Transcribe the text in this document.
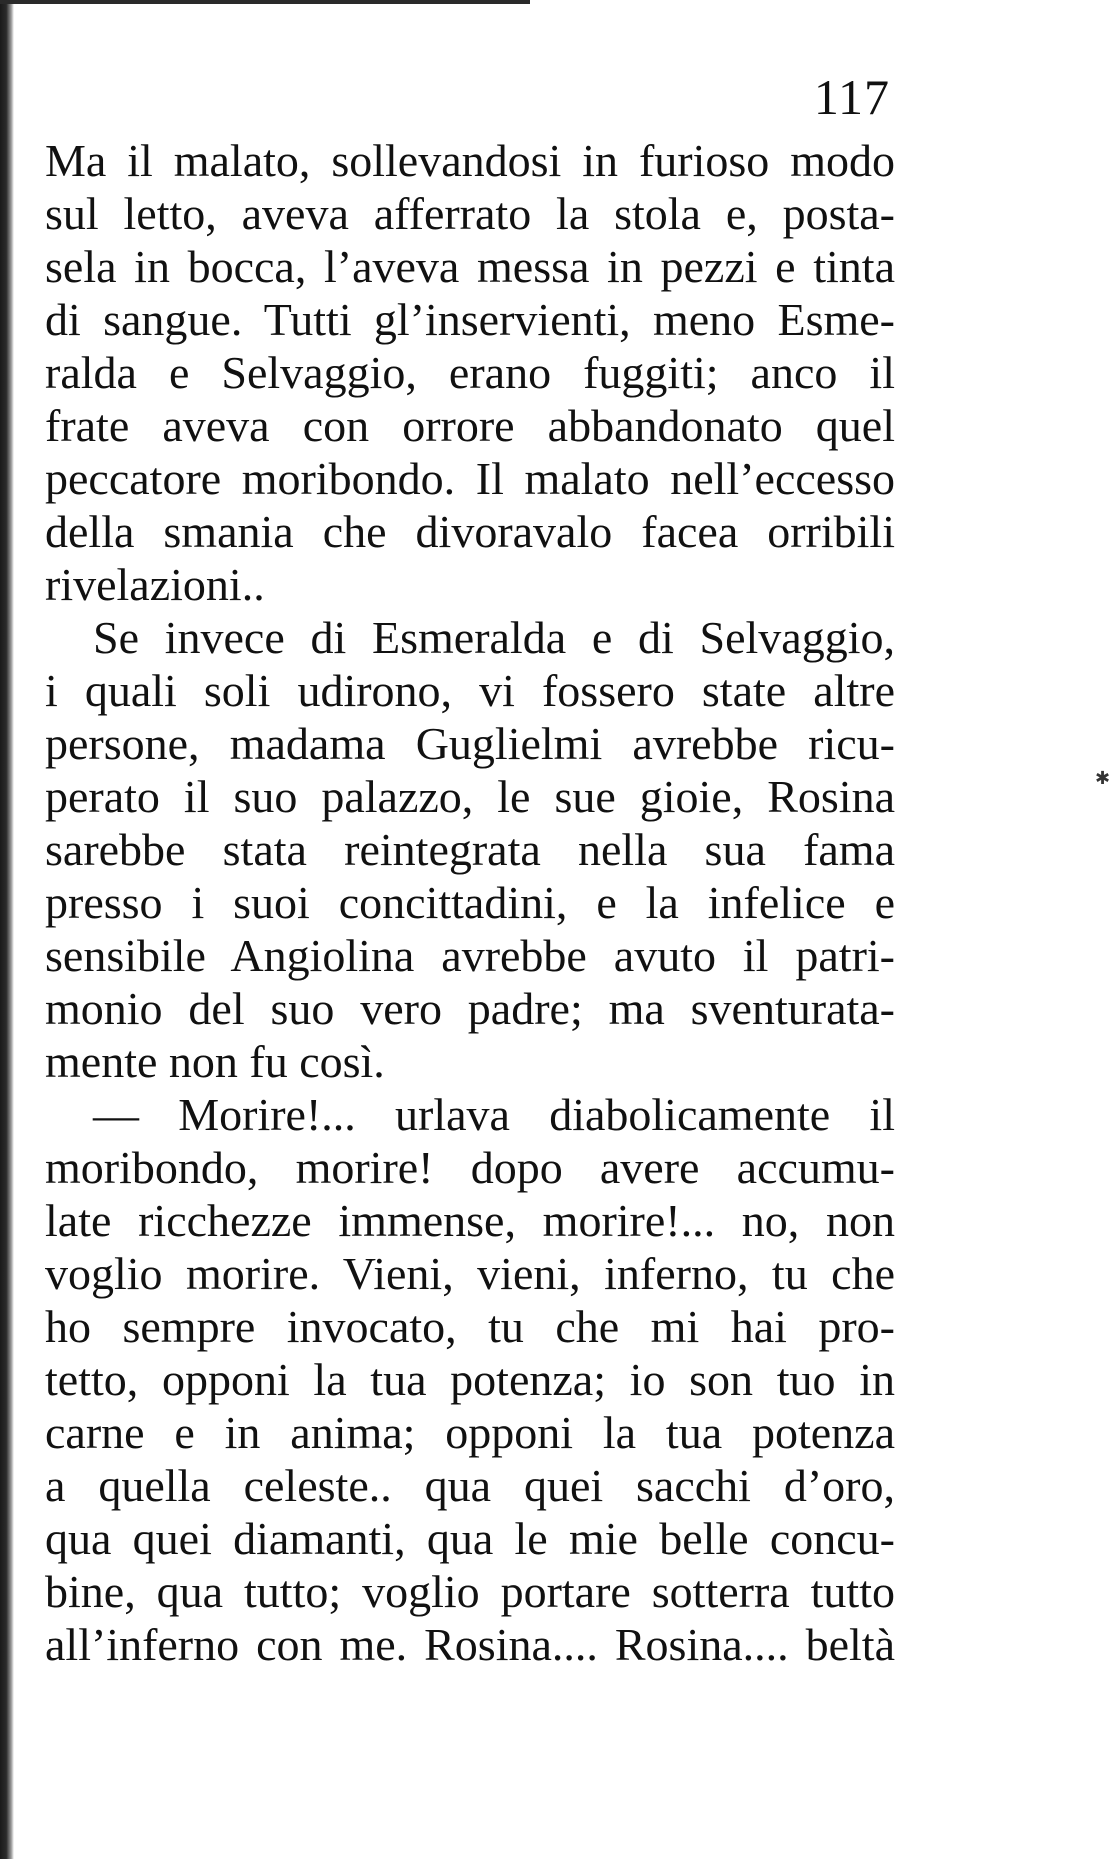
117
Ma il malato, sollevandosi in furioso modo
sul letto, aveva afferrato la stola e, posta-
sela in bocca, l’aveva messa in pezzi e tinta
di sangue. Tutti gl’inservienti, meno Esme-
ralda e Selvaggio, erano fuggiti; anco il
frate aveva con orrore abbandonato quel
peccatore moribondo. Il malato nell’eccesso
della smania che divoravalo facea orribili
rivelazioni..
Se invece di Esmeralda e di Selvaggio,
i quali soli udirono, vi fossero state altre
persone, madama Guglielmi avrebbe ricu-
perato il suo palazzo, le sue gioie, Rosina
sarebbe stata reintegrata nella sua fama
presso i suoi concittadini, e la infelice e
sensibile Angiolina avrebbe avuto il patri-
monio del suo vero padre; ma sventurata-
mente non fu così.
— Morire!... urlava diabolicamente il
moribondo, morire! dopo avere accumu-
late ricchezze immense, morire!... no, non
voglio morire. Vieni, vieni, inferno, tu che
ho sempre invocato, tu che mi hai pro-
tetto, opponi la tua potenza; io son tuo in
carne e in anima; opponi la tua potenza
a quella celeste.. qua quei sacchi d’oro,
qua quei diamanti, qua le mie belle concu-
bine, qua tutto; voglio portare sotterra tutto
all’inferno con me. Rosina.... Rosina.... beltà
✱
